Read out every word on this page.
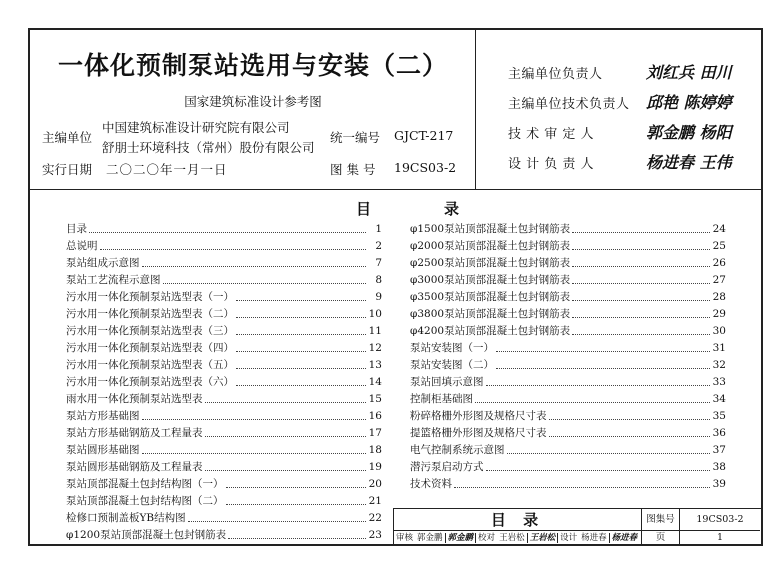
一体化预制泵站选用与安装（二）
国家建筑标准设计参考图
主编单位
中国建筑标准设计研究院有限公司
舒朋士环境科技（常州）股份有限公司
实行日期 二〇二〇年一月一日
统一编号 GJCT-217
图 集 号 19CS03-2
主编单位负责人	刘红兵 田川
主编单位技术负责人 邱艳 陈婷婷
技 术 审 定 人	郭金鹏 杨阳
设 计 负 责 人	杨进春 王伟
目	录
目录	1
总说明	2
泵站组成示意图	7
泵站工艺流程示意图	8
污水用一体化预制泵站选型表（一）	9
污水用一体化预制泵站选型表（二）	10
污水用一体化预制泵站选型表（三）	11
污水用一体化预制泵站选型表（四）	12
污水用一体化预制泵站选型表（五）	13
污水用一体化预制泵站选型表（六）	14
雨水用一体化预制泵站选型表	15
泵站方形基础图	16
泵站方形基础钢筋及工程量表	17
泵站圆形基础图	18
泵站圆形基础钢筋及工程量表	19
泵站顶部混凝土包封结构图（一）	20
泵站顶部混凝土包封结构图（二）	21
检修口预制盖板YB结构图	22
φ1200泵站顶部混凝土包封钢筋表	23
φ1500泵站顶部混凝土包封钢筋表	24
φ2000泵站顶部混凝土包封钢筋表	25
φ2500泵站顶部混凝土包封钢筋表	26
φ3000泵站顶部混凝土包封钢筋表	27
φ3500泵站顶部混凝土包封钢筋表	28
φ3800泵站顶部混凝土包封钢筋表	29
φ4200泵站顶部混凝土包封钢筋表	30
泵站安装图（一）	31
泵站安装图（二）	32
泵站回填示意图	33
控制柜基础图	34
粉碎格栅外形图及规格尺寸表	35
提篮格栅外形图及规格尺寸表	36
电气控制系统示意图	37
潜污泵启动方式	38
技术资料	39
目 录	图集号	19CS03-2
审核 郭金鹏 郭金鹏 校对 王岩松 王岩松 设计 杨进春 杨进春	页	1
